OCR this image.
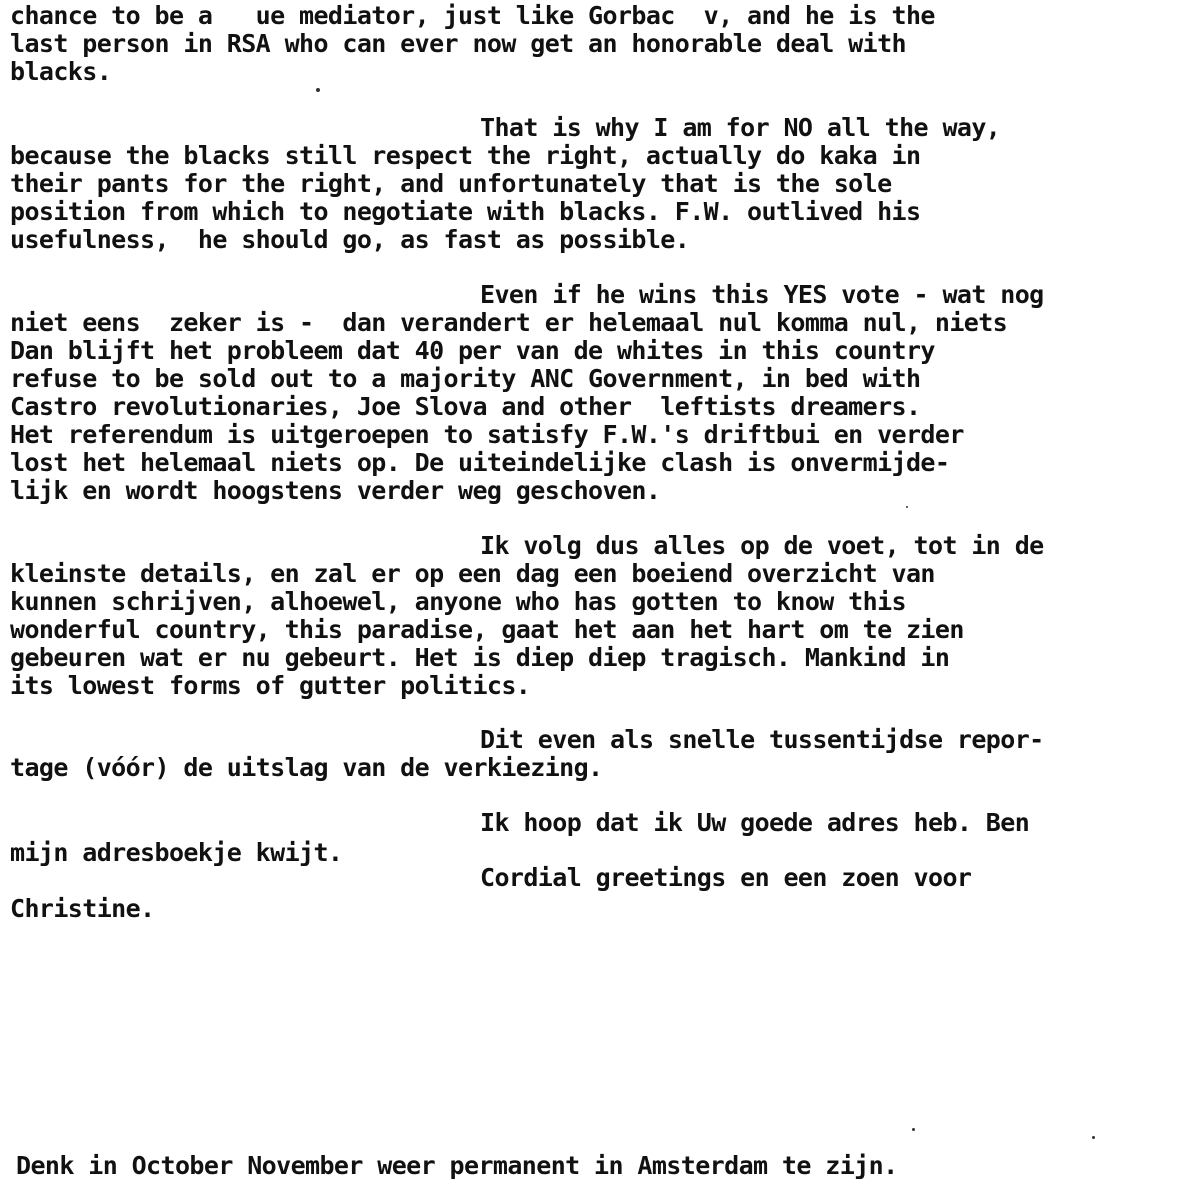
chance to be a   ue mediator, just like Gorbac  v, and he is the
last person in RSA who can ever now get an honorable deal with
blacks.
That is why I am for NO all the way,
because the blacks still respect the right, actually do kaka in
their pants for the right, and unfortunately that is the sole
position from which to negotiate with blacks. F.W. outlived his
usefulness,  he should go, as fast as possible.
Even if he wins this YES vote - wat nog
niet eens  zeker is -  dan verandert er helemaal nul komma nul, niets
Dan blijft het probleem dat 40 per van de whites in this country
refuse to be sold out to a majority ANC Government, in bed with
Castro revolutionaries, Joe Slova and other  leftists dreamers.
Het referendum is uitgeroepen to satisfy F.W.'s driftbui en verder
lost het helemaal niets op. De uiteindelijke clash is onvermijde-
lijk en wordt hoogstens verder weg geschoven.
Ik volg dus alles op de voet, tot in de
kleinste details, en zal er op een dag een boeiend overzicht van
kunnen schrijven, alhoewel, anyone who has gotten to know this
wonderful country, this paradise, gaat het aan het hart om te zien
gebeuren wat er nu gebeurt. Het is diep diep tragisch. Mankind in
its lowest forms of gutter politics.
Dit even als snelle tussentijdse repor-
tage (vóór) de uitslag van de verkiezing.
Ik hoop dat ik Uw goede adres heb. Ben
mijn adresboekje kwijt.
Cordial greetings en een zoen voor
Christine.
Denk in October November weer permanent in Amsterdam te zijn.
